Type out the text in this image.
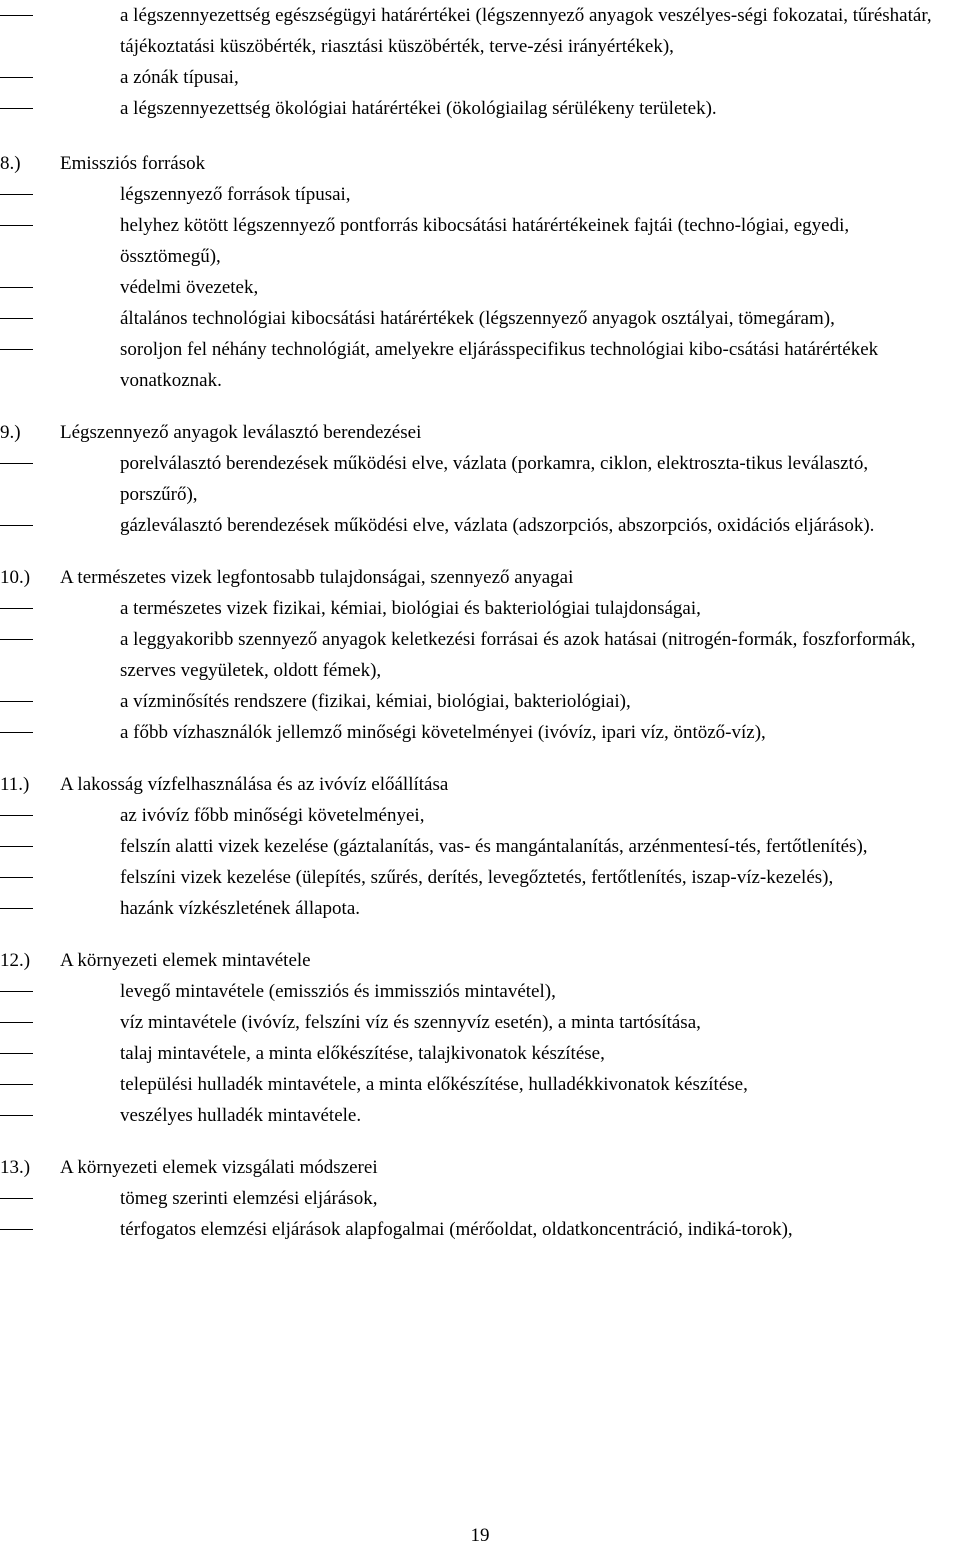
a légszennyezettség egészségügyi határértékei (légszennyező anyagok veszélyes-ségi fokozatai, tűréshatár, tájékoztatási küszöbérték, riasztási küszöbérték, terve-zési irányértékek),
a zónák típusai,
a légszennyezettség ökológiai határértékei (ökológiailag sérülékeny területek).
8.)	Emissziós források
légszennyező források típusai,
helyhez kötött légszennyező pontforrás kibocsátási határértékeinek fajtái (techno-lógiai, egyedi, össztömegű),
védelmi övezetek,
általános technológiai kibocsátási határértékek (légszennyező anyagok osztályai, tömegáram),
soroljon fel néhány technológiát, amelyekre eljárásspecifikus technológiai kibo-csátási határértékek vonatkoznak.
9.)	Légszennyező anyagok leválasztó berendezései
porelválasztó berendezések működési elve, vázlata (porkamra, ciklon, elektroszta-tikus leválasztó, porszűrő),
gázleválasztó berendezések működési elve, vázlata (adszorpciós, abszorpciós, oxidációs eljárások).
10.)	A természetes vizek legfontosabb tulajdonságai, szennyező anyagai
a természetes vizek fizikai, kémiai, biológiai és bakteriológiai tulajdonságai,
a leggyakoribb szennyező anyagok keletkezési forrásai és azok hatásai (nitrogén-formák, foszforformák, szerves vegyületek, oldott fémek),
a vízminősítés rendszere (fizikai, kémiai, biológiai, bakteriológiai),
a főbb vízhasználók jellemző minőségi követelményei (ivóvíz, ipari víz, öntöző-víz),
11.)	A lakosság vízfelhasználása és az ivóvíz előállítása
az ivóvíz főbb minőségi követelményei,
felszín alatti vizek kezelése (gáztalanítás, vas- és mangántalanítás, arzénmentesí-tés, fertőtlenítés),
felszíni vizek kezelése (ülepítés, szűrés, derítés, levegőztetés, fertőtlenítés, iszap-víz-kezelés),
hazánk vízkészletének állapota.
12.)	A környezeti elemek mintavétele
levegő mintavétele (emissziós és immissziós mintavétel),
víz mintavétele (ivóvíz, felszíni víz és szennyvíz esetén), a minta tartósítása,
talaj mintavétele, a minta előkészítése, talajkivonatok készítése,
települési hulladék mintavétele, a minta előkészítése, hulladékkivonatok készítése,
veszélyes hulladék mintavétele.
13.)	A környezeti elemek vizsgálati módszerei
tömeg szerinti elemzési eljárások,
térfogatos elemzési eljárások alapfogalmai (mérőoldat, oldatkoncentráció, indiká-torok),
19
